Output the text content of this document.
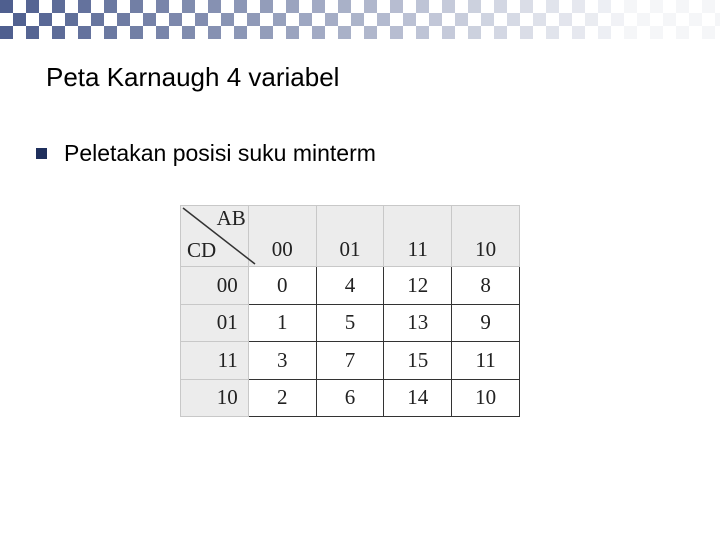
Peta Karnaugh 4 variabel
Peletakan posisi suku minterm
AB
CD	00	01	11	10
00	0	4	12	8
01	1	5	13	9
11	3	7	15	11
10	2	6	14	10
